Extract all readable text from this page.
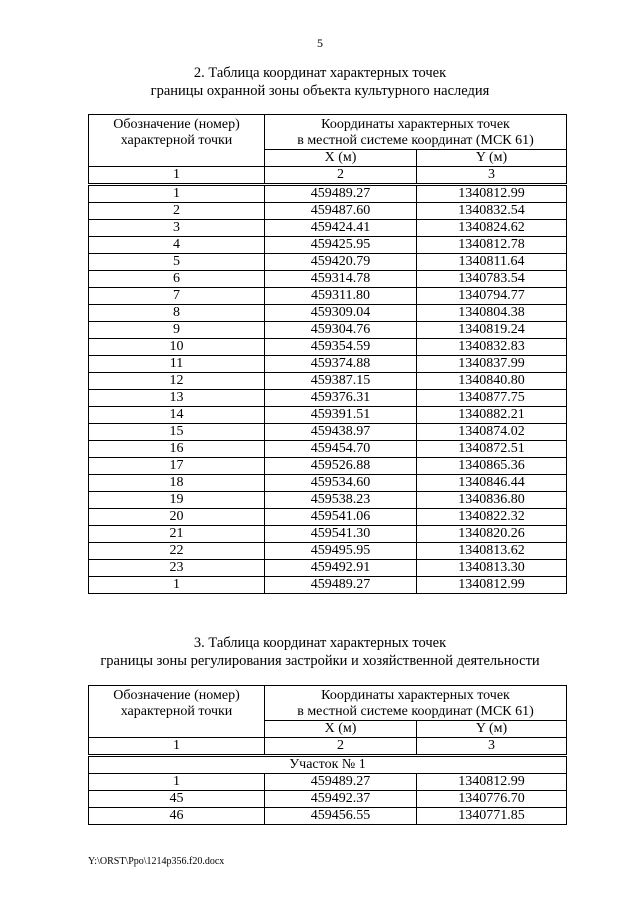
5
2. Таблица координат характерных точек
границы охранной зоны объекта культурного наследия
Обозначение (номер) характерной точки	Координаты характерных точек
в местной системе координат (МСК 61)	

	X (м)	Y (м)
1	2	3
1	459489.27	1340812.99
2	459487.60	1340832.54
3	459424.41	1340824.62
4	459425.95	1340812.78
5	459420.79	1340811.64
6	459314.78	1340783.54
7	459311.80	1340794.77
8	459309.04	1340804.38
9	459304.76	1340819.24
10	459354.59	1340832.83
11	459374.88	1340837.99
12	459387.15	1340840.80
13	459376.31	1340877.75
14	459391.51	1340882.21
15	459438.97	1340874.02
16	459454.70	1340872.51
17	459526.88	1340865.36
18	459534.60	1340846.44
19	459538.23	1340836.80
20	459541.06	1340822.32
21	459541.30	1340820.26
22	459495.95	1340813.62
23	459492.91	1340813.30
1	459489.27	1340812.99
3. Таблица координат характерных точек
границы зоны регулирования застройки и хозяйственной деятельности
Обозначение (номер) характерной точки	Координаты характерных точек
в местной системе координат (МСК 61)	

	X (м)	Y (м)
1	2	3
Участок № 1		
1	459489.27	1340812.99
45	459492.37	1340776.70
46	459456.55	1340771.85
Y:\ORST\Ppo\1214p356.f20.docx
